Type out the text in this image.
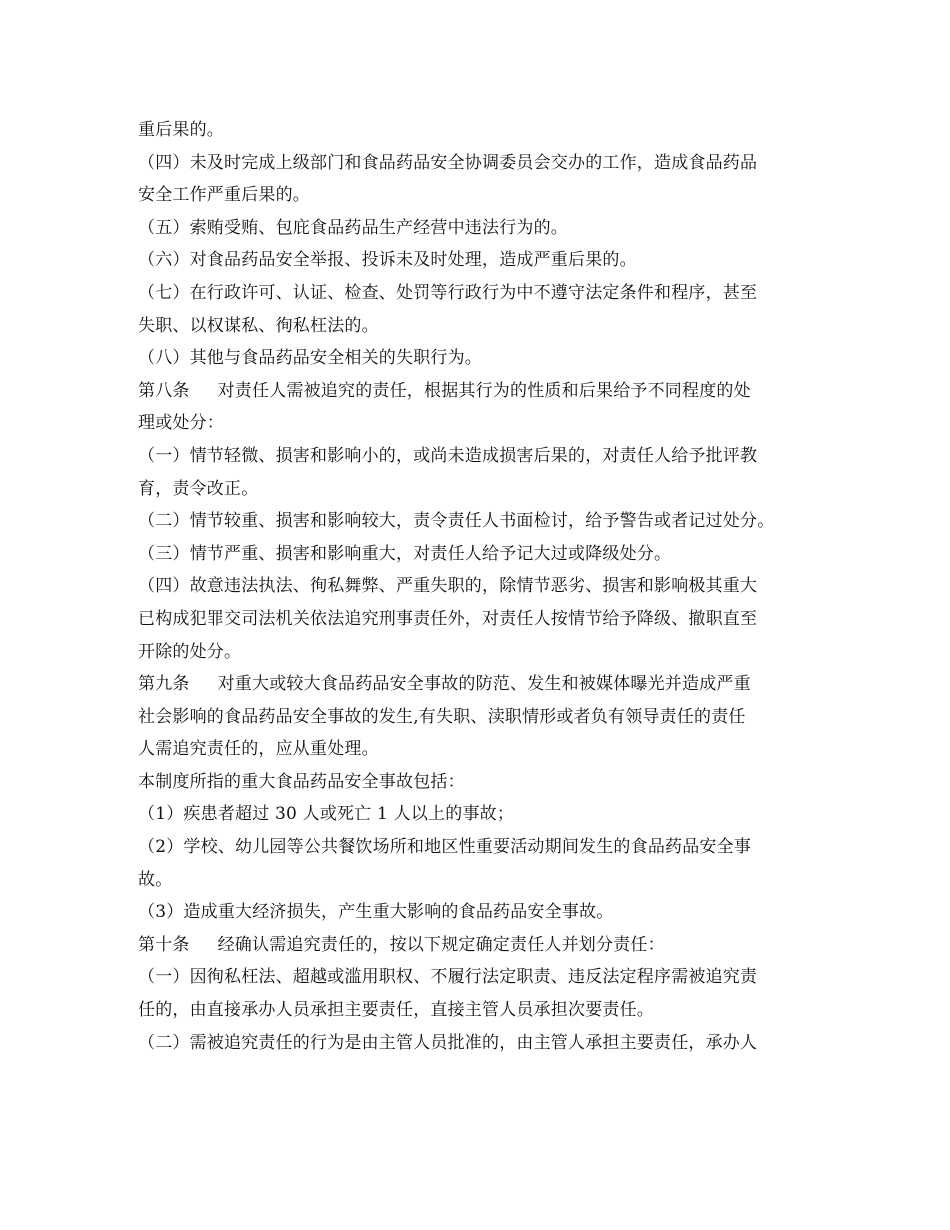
重后果的。
（四）未及时完成上级部门和食品药品安全协调委员会交办的工作，造成食品药品
安全工作严重后果的。
（五）索贿受贿、包庇食品药品生产经营中违法行为的。
（六）对食品药品安全举报、投诉未及时处理，造成严重后果的。
（七）在行政许可、认证、检查、处罚等行政行为中不遵守法定条件和程序，甚至
失职、以权谋私、徇私枉法的。
（八）其他与食品药品安全相关的失职行为。
第八条 对责任人需被追究的责任，根据其行为的性质和后果给予不同程度的处
理或处分：
（一）情节轻微、损害和影响小的，或尚未造成损害后果的，对责任人给予批评教
育，责令改正。
（二）情节较重、损害和影响较大，责令责任人书面检讨，给予警告或者记过处分。
（三）情节严重、损害和影响重大，对责任人给予记大过或降级处分。
（四）故意违法执法、徇私舞弊、严重失职的，除情节恶劣、损害和影响极其重大
已构成犯罪交司法机关依法追究刑事责任外，对责任人按情节给予降级、撤职直至
开除的处分。
第九条 对重大或较大食品药品安全事故的防范、发生和被媒体曝光并造成严重
社会影响的食品药品安全事故的发生,有失职、渎职情形或者负有领导责任的责任
人需追究责任的，应从重处理。
本制度所指的重大食品药品安全事故包括：
（1）疾患者超过 30 人或死亡 1 人以上的事故；
（2）学校、幼儿园等公共餐饮场所和地区性重要活动期间发生的食品药品安全事
故。
（3）造成重大经济损失，产生重大影响的食品药品安全事故。
第十条 经确认需追究责任的，按以下规定确定责任人并划分责任：
（一）因徇私枉法、超越或滥用职权、不履行法定职责、违反法定程序需被追究责
任的，由直接承办人员承担主要责任，直接主管人员承担次要责任。
（二）需被追究责任的行为是由主管人员批准的，由主管人承担主要责任，承办人
